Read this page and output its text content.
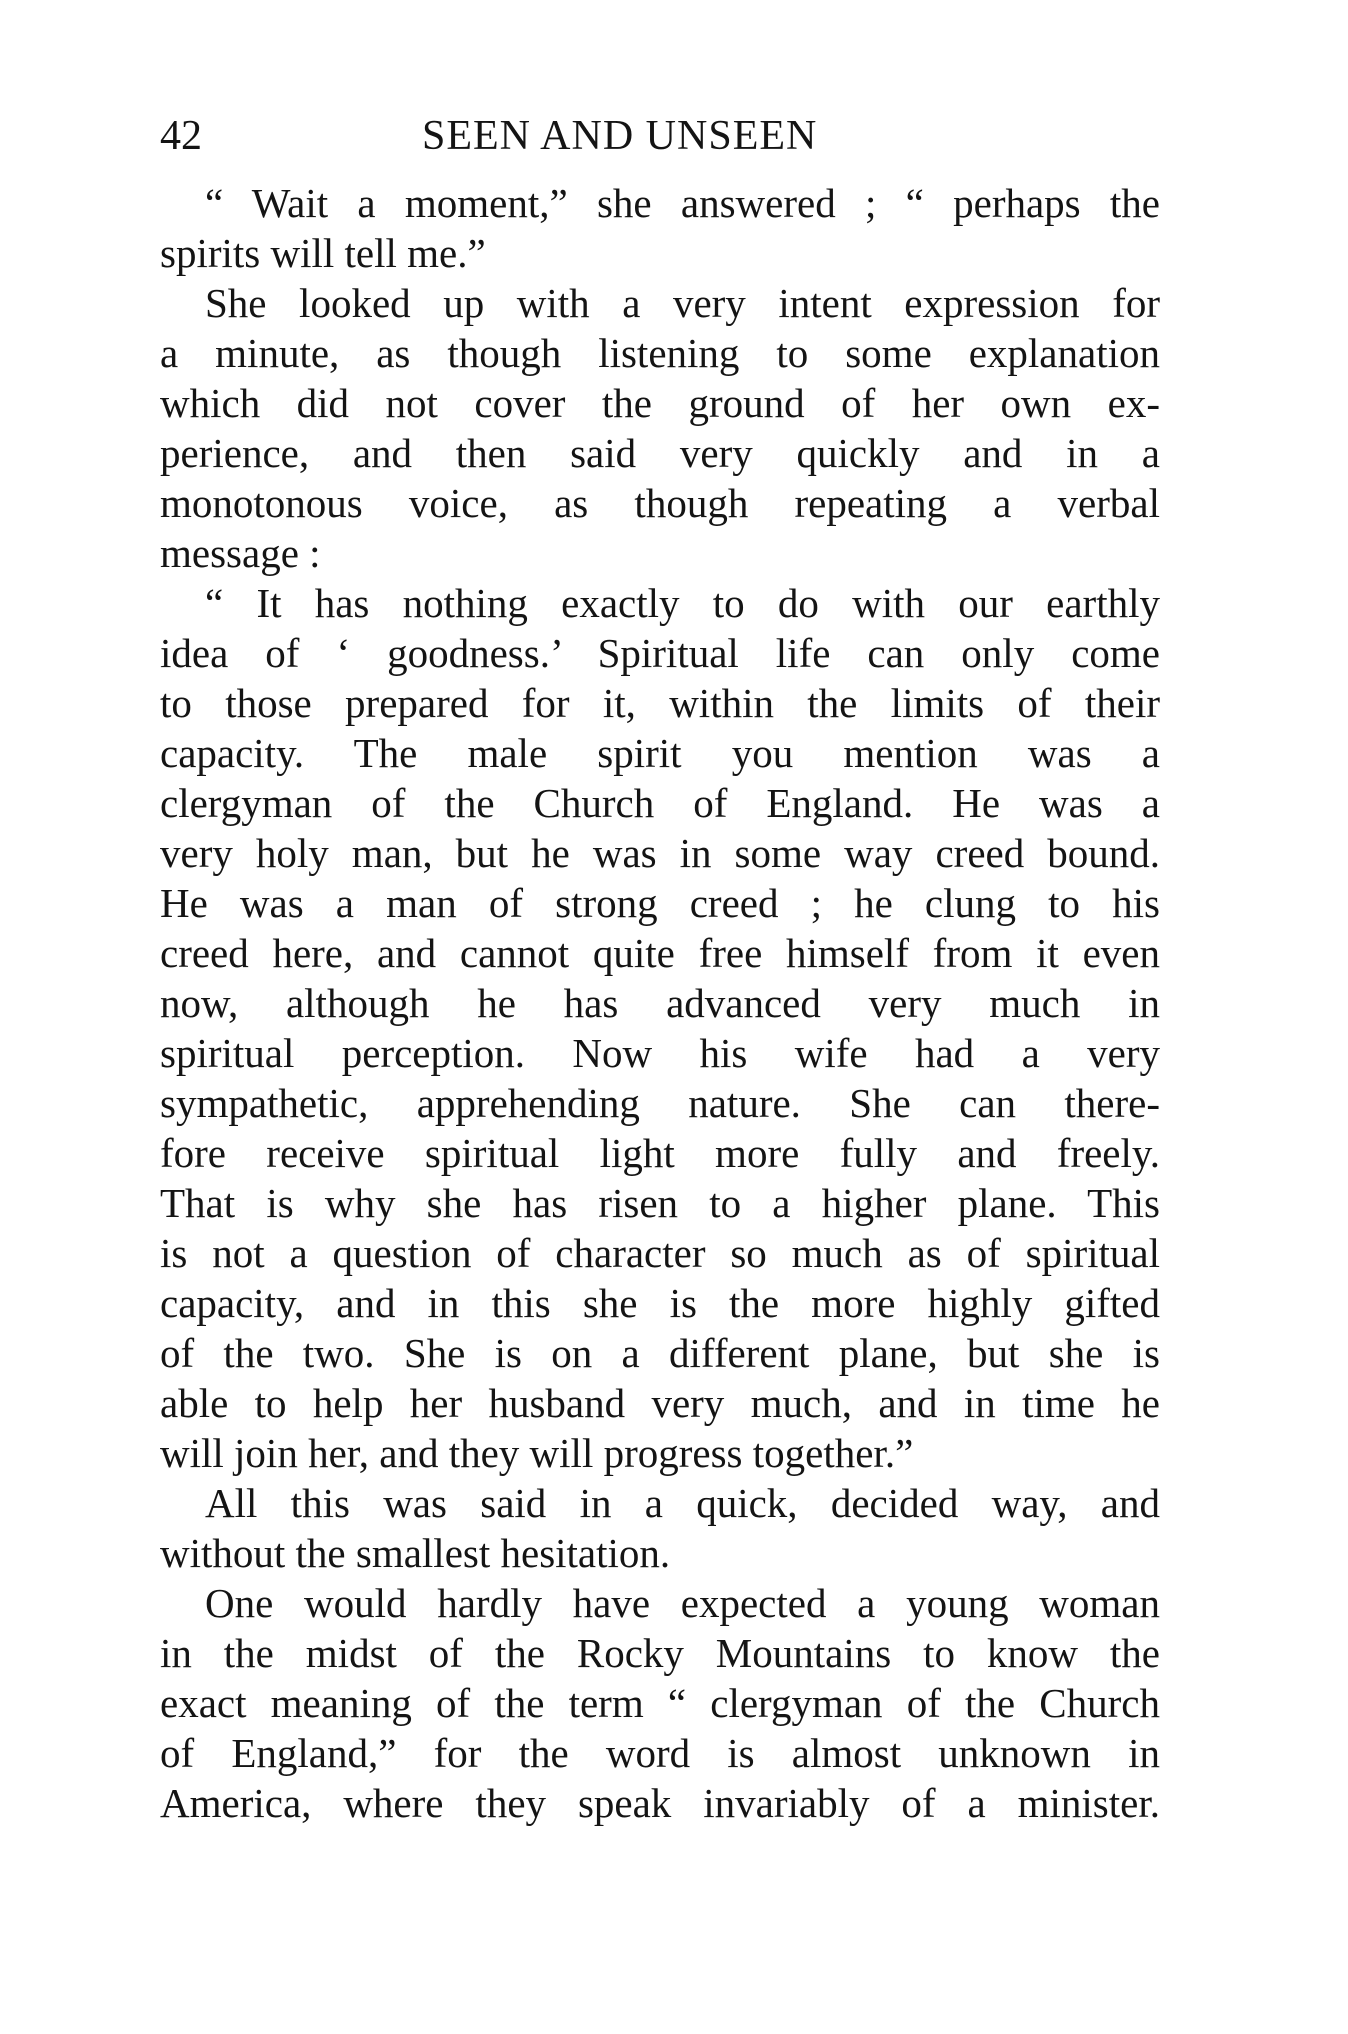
42	SEEN AND UNSEEN
“ Wait a moment,” she answered ; “ perhaps the
spirits will tell me.”
She looked up with a very intent expression for
a minute, as though listening to some explanation
which did not cover the ground of her own ex-
perience, and then said very quickly and in a
monotonous voice, as though repeating a verbal
message :
“ It has nothing exactly to do with our earthly
idea of ‘ goodness.’ Spiritual life can only come
to those prepared for it, within the limits of their
capacity. The male spirit you mention was a
clergyman of the Church of England. He was a
very holy man, but he was in some way creed bound.
He was a man of strong creed ; he clung to his
creed here, and cannot quite free himself from it even
now, although he has advanced very much in
spiritual perception. Now his wife had a very
sympathetic, apprehending nature. She can there-
fore receive spiritual light more fully and freely.
That is why she has risen to a higher plane. This
is not a question of character so much as of spiritual
capacity, and in this she is the more highly gifted
of the two. She is on a different plane, but she is
able to help her husband very much, and in time he
will join her, and they will progress together.”
All this was said in a quick, decided way, and
without the smallest hesitation.
One would hardly have expected a young woman
in the midst of the Rocky Mountains to know the
exact meaning of the term “ clergyman of the Church
of England,” for the word is almost unknown in
America, where they speak invariably of a minister.
